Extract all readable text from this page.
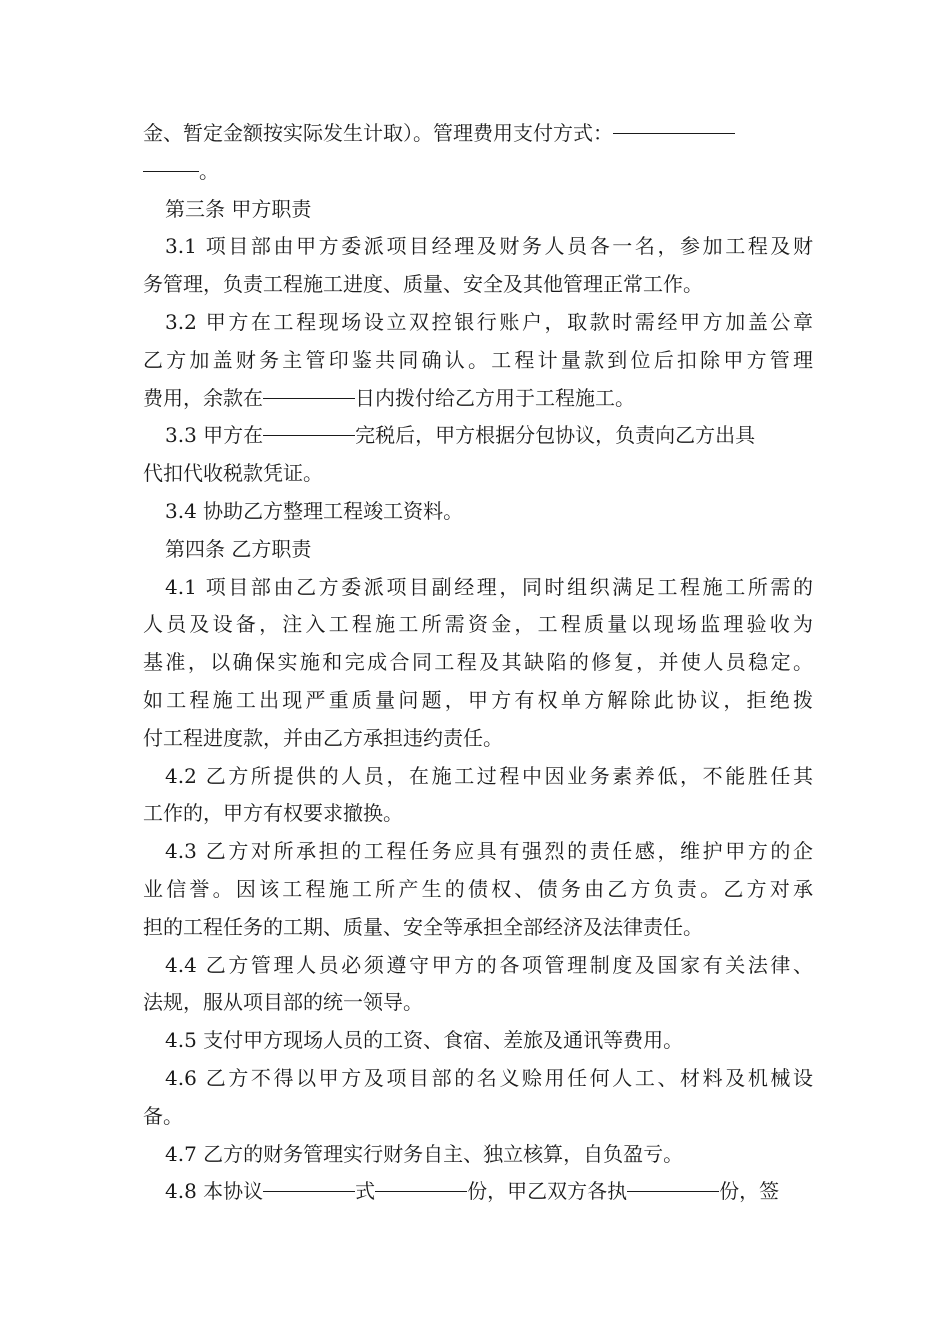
金、暂定金额按实际发生计取）。管理费用支付方式：
。
第三条 甲方职责
3.1 项目部由甲方委派项目经理及财务人员各一名，参加工程及财
务管理，负责工程施工进度、质量、安全及其他管理正常工作。
3.2 甲方在工程现场设立双控银行账户，取款时需经甲方加盖公章
乙方加盖财务主管印鉴共同确认。工程计量款到位后扣除甲方管理
费用，余款在	日内拨付给乙方用于工程施工。
3.3 甲方在	完税后，甲方根据分包协议，负责向乙方出具
代扣代收税款凭证。
3.4 协助乙方整理工程竣工资料。
第四条 乙方职责
4.1 项目部由乙方委派项目副经理，同时组织满足工程施工所需的
人员及设备，注入工程施工所需资金，工程质量以现场监理验收为
基准，以确保实施和完成合同工程及其缺陷的修复，并使人员稳定。
如工程施工出现严重质量问题，甲方有权单方解除此协议，拒绝拨
付工程进度款，并由乙方承担违约责任。
4.2 乙方所提供的人员，在施工过程中因业务素养低，不能胜任其
工作的，甲方有权要求撤换。
4.3 乙方对所承担的工程任务应具有强烈的责任感，维护甲方的企
业信誉。因该工程施工所产生的债权、债务由乙方负责。乙方对承
担的工程任务的工期、质量、安全等承担全部经济及法律责任。
4.4 乙方管理人员必须遵守甲方的各项管理制度及国家有关法律、
法规，服从项目部的统一领导。
4.5 支付甲方现场人员的工资、食宿、差旅及通讯等费用。
4.6 乙方不得以甲方及项目部的名义赊用任何人工、材料及机械设
备。
4.7 乙方的财务管理实行财务自主、独立核算，自负盈亏。
4.8 本协议	式	份，甲乙双方各执	份，签
